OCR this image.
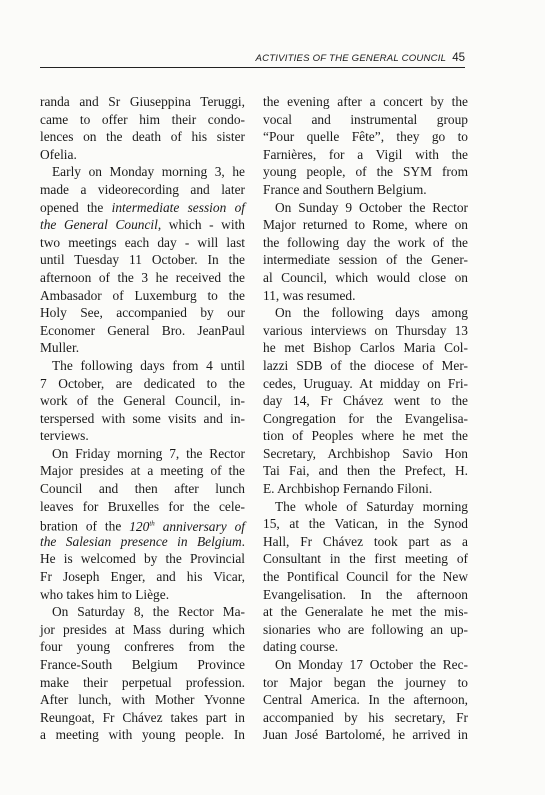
ACTIVITIES OF THE GENERAL COUNCIL 45
randa and Sr Giuseppina Teruggi,
came to offer him their condo-
lences on the death of his sister
Ofelia.
Early on Monday morning 3, he
made a videorecording and later
opened the intermediate session of
the General Council, which - with
two meetings each day - will last
until Tuesday 11 October. In the
afternoon of the 3 he received the
Ambasador of Luxemburg to the
Holy See, accompanied by our
Economer General Bro. JeanPaul
Muller.
The following days from 4 until
7 October, are dedicated to the
work of the General Council, in-
terspersed with some visits and in-
terviews.
On Friday morning 7, the Rector
Major presides at a meeting of the
Council and then after lunch
leaves for Bruxelles for the cele-
bration of the 120th anniversary of
the Salesian presence in Belgium.
He is welcomed by the Provincial
Fr Joseph Enger, and his Vicar,
who takes him to Liège.
On Saturday 8, the Rector Ma-
jor presides at Mass during which
four young confreres from the
France-South Belgium Province
make their perpetual profession.
After lunch, with Mother Yvonne
Reungoat, Fr Chávez takes part in
a meeting with young people. In
the evening after a concert by the
vocal and instrumental group
“Pour quelle Fête”, they go to
Farnières, for a Vigil with the
young people, of the SYM from
France and Southern Belgium.
On Sunday 9 October the Rector
Major returned to Rome, where on
the following day the work of the
intermediate session of the Gener-
al Council, which would close on
11, was resumed.
On the following days among
various interviews on Thursday 13
he met Bishop Carlos Maria Col-
lazzi SDB of the diocese of Mer-
cedes, Uruguay. At midday on Fri-
day 14, Fr Chávez went to the
Congregation for the Evangelisa-
tion of Peoples where he met the
Secretary, Archbishop Savio Hon
Tai Fai, and then the Prefect, H.
E. Archbishop Fernando Filoni.
The whole of Saturday morning
15, at the Vatican, in the Synod
Hall, Fr Chávez took part as a
Consultant in the first meeting of
the Pontifical Council for the New
Evangelisation. In the afternoon
at the Generalate he met the mis-
sionaries who are following an up-
dating course.
On Monday 17 October the Rec-
tor Major began the journey to
Central America. In the afternoon,
accompanied by his secretary, Fr
Juan José Bartolomé, he arrived in
